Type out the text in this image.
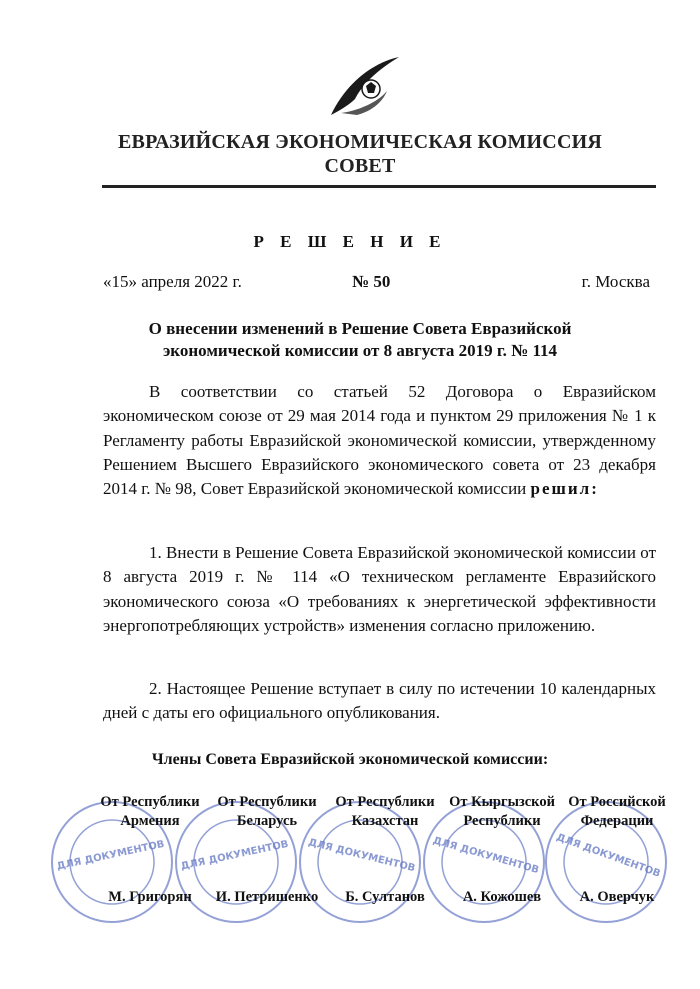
ЕВРАЗИЙСКАЯ ЭКОНОМИЧЕСКАЯ КОМИССИЯ
СОВЕТ
Р Е Ш Е Н И Е
«15» апреля 2022 г.	№ 50	г. Москва
О внесении изменений в Решение Совета Евразийской
экономической комиссии от 8 августа 2019 г. № 114
В соответствии со статьей 52 Договора о Евразийском экономическом союзе от 29 мая 2014 года и пунктом 29 приложения № 1 к Регламенту работы Евразийской экономической комиссии, утвержденному Решением Высшего Евразийского экономического совета от 23 декабря 2014 г. № 98, Совет Евразийской экономической комиссии решил:
1. Внести в Решение Совета Евразийской экономической комиссии от 8 августа 2019 г. № 114 «О техническом регламенте Евразийского экономического союза «О требованиях к энергетической эффективности энергопотребляющих устройств» изменения согласно приложению.
2. Настоящее Решение вступает в силу по истечении 10 календарных дней с даты его официального опубликования.
Члены Совета Евразийской экономической комиссии:
ДЛЯ ДОКУМЕНТОВ ДЛЯ ДОКУМЕНТОВ ДЛЯ ДОКУМЕНТОВ ДЛЯ ДОКУМЕНТОВ ДЛЯ ДОКУМЕНТОВ
От Республики
Армения
М. Григорян
От Республики
Беларусь
И. Петришенко
От Республики
Казахстан
Б. Султанов
От Кыргызской
Республики
А. Кожошев
От Российской
Федерации
А. Оверчук
